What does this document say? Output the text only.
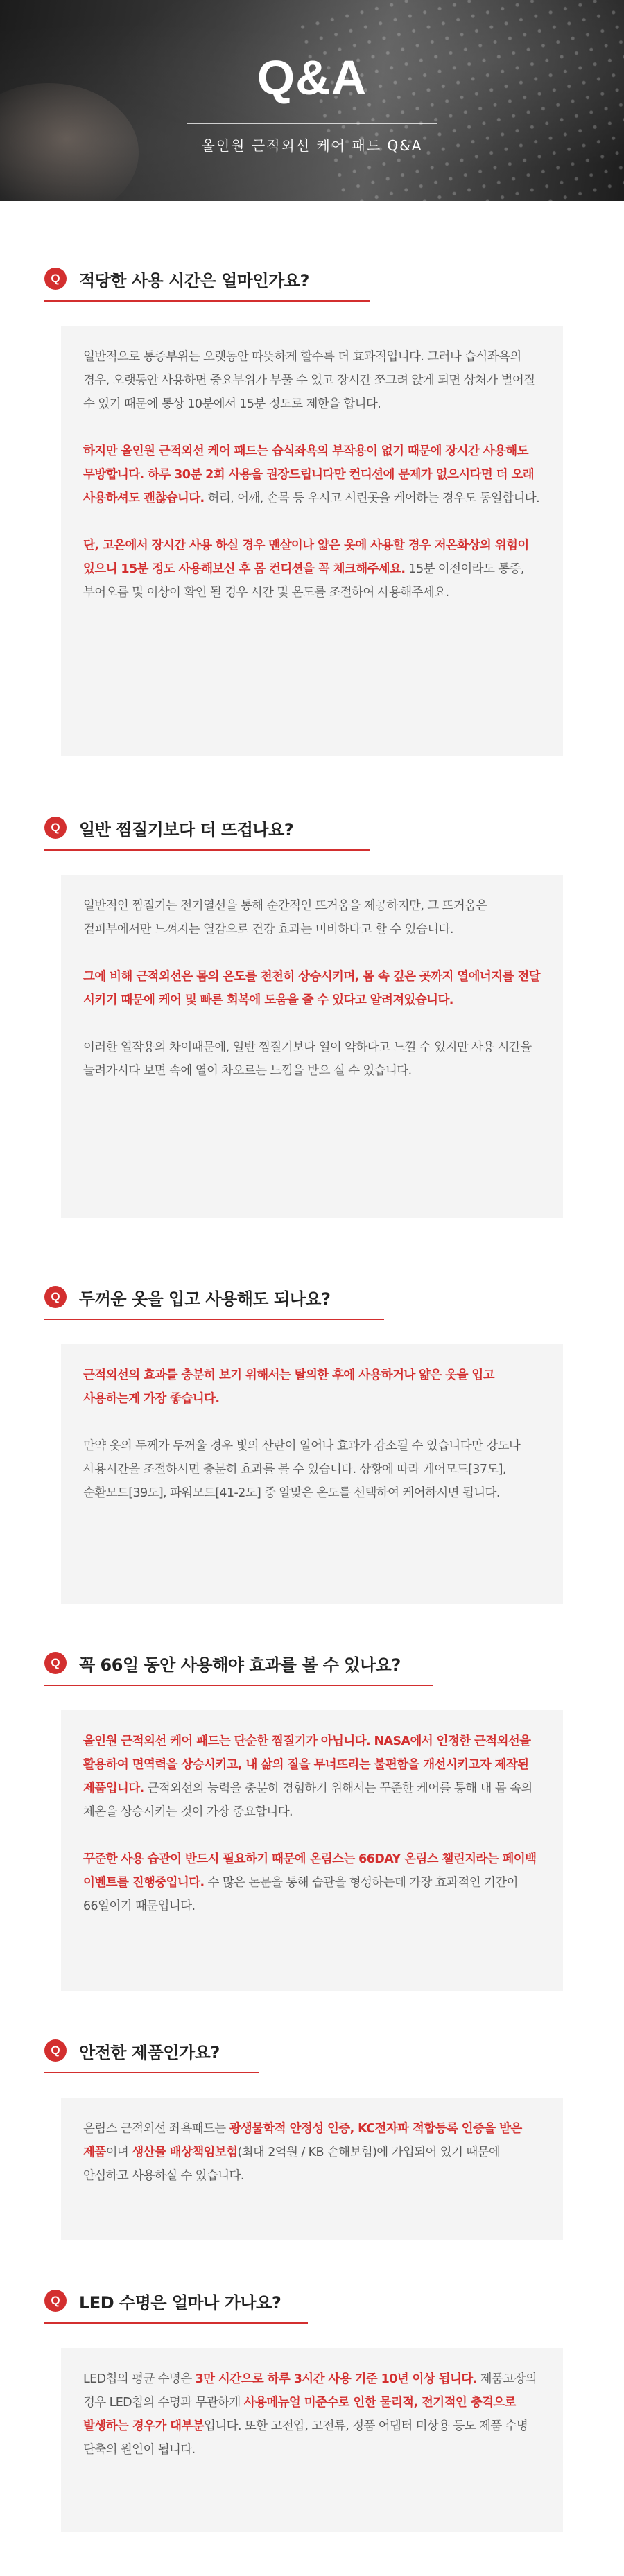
Q&A
올인원 근적외선 케어 패드 Q&A
Q	적당한 사용 시간은 얼마인가요?

일반적으로 통증부위는 오랫동안 따뜻하게 할수록 더 효과적입니다. 그러나 습식좌욕의 경우, 오랫동안 사용하면 중요부위가 부풀 수 있고 장시간 쪼그려 앉게 되면 상처가 벌어질 수 있기 때문에 통상 10분에서 15분 정도로 제한을 합니다.

하지만 올인원 근적외선 케어 패드는 습식좌욕의 부작용이 없기 때문에 장시간 사용해도 무방합니다. 하루 30분 2회 사용을 권장드립니다만 컨디션에 문제가 없으시다면 더 오래 사용하셔도 괜찮습니다. 허리, 어깨, 손목 등 우시고 시린곳을 케어하는 경우도 동일합니다.

단, 고온에서 장시간 사용 하실 경우 맨살이나 얇은 옷에 사용할 경우 저온화상의 위험이 있으니 15분 정도 사용해보신 후 몸 컨디션을 꼭 체크해주세요. 15분 이전이라도 통증, 부어오름 및 이상이 확인 될 경우 시간 및 온도를 조절하여 사용해주세요.

Q	일반 찜질기보다 더 뜨겁나요?

일반적인 찜질기는 전기열선을 통해 순간적인 뜨거움을 제공하지만, 그 뜨거움은 겉피부에서만 느껴지는 열감으로 건강 효과는 미비하다고 할 수 있습니다.

그에 비해 근적외선은 몸의 온도를 천천히 상승시키며, 몸 속 깊은 곳까지 열에너지를 전달 시키기 때문에 케어 및 빠른 회복에 도움을 줄 수 있다고 알려져있습니다.

이러한 열작용의 차이때문에, 일반 찜질기보다 열이 약하다고 느낄 수 있지만 사용 시간을 늘려가시다 보면 속에 열이 차오르는 느낌을 받으 실 수 있습니다.

Q	두꺼운 옷을 입고 사용해도 되나요?

근적외선의 효과를 충분히 보기 위해서는 탈의한 후에 사용하거나 얇은 옷을 입고 사용하는게 가장 좋습니다.

만약 옷의 두께가 두꺼울 경우 빛의 산란이 일어나 효과가 감소될 수 있습니다만 강도나 사용시간을 조절하시면 충분히 효과를 볼 수 있습니다. 상황에 따라 케어모드[37도], 순환모드[39도], 파워모드[41-2도] 중 알맞은 온도를 선택하여 케어하시면 됩니다.

Q	꼭 66일 동안 사용해야 효과를 볼 수 있나요?

올인원 근적외선 케어 패드는 단순한 찜질기가 아닙니다. NASA에서 인정한 근적외선을 활용하여 면역력을 상승시키고, 내 삶의 질을 무너뜨리는 불편함을 개선시키고자 제작된 제품입니다. 근적외선의 능력을 충분히 경험하기 위해서는 꾸준한 케어를 통해 내 몸 속의 체온을 상승시키는 것이 가장 중요합니다.

꾸준한 사용 습관이 반드시 필요하기 때문에 온림스는 66DAY 온림스 챌린지라는 페이백 이벤트를 진행중입니다. 수 많은 논문을 통해 습관을 형성하는데 가장 효과적인 기간이 66일이기 때문입니다.

Q	안전한 제품인가요?

온림스 근적외선 좌욕패드는 광생물학적 안정성 인증, KC전자파 적합등록 인증을 받은 제품이며 생산물 배상책임보험(최대 2억원 / KB 손해보험)에 가입되어 있기 때문에 안심하고 사용하실 수 있습니다.

Q	LED 수명은 얼마나 가나요?

LED칩의 평균 수명은 3만 시간으로 하루 3시간 사용 기준 10년 이상 됩니다. 제품고장의 경우 LED칩의 수명과 무관하게 사용메뉴얼 미준수로 인한 물리적, 전기적인 충격으로 발생하는 경우가 대부분입니다. 또한 고전압, 고전류, 정품 어댑터 미상용 등도 제품 수명 단축의 원인이 됩니다.
